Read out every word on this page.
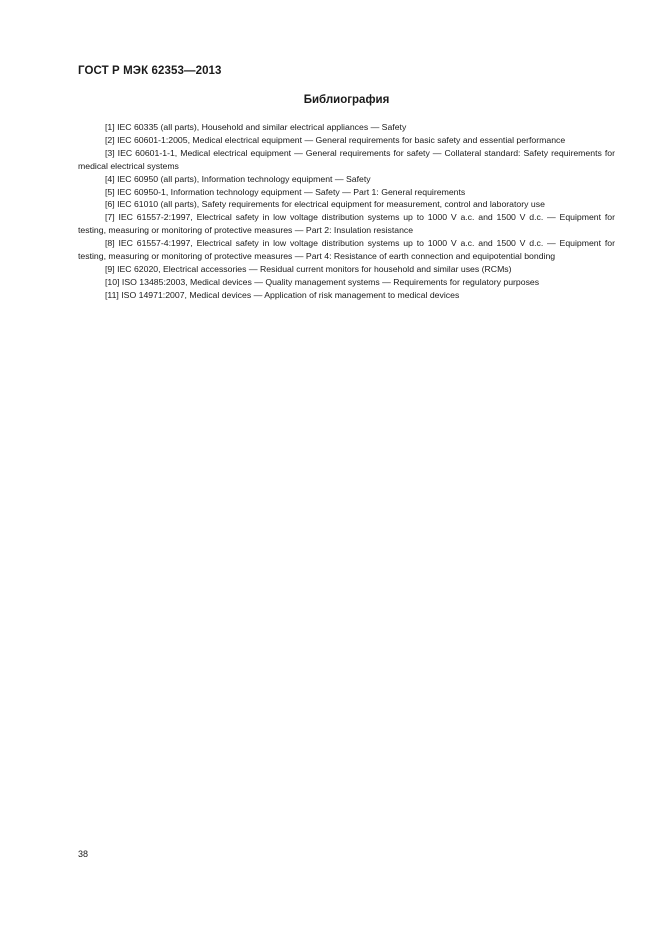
ГОСТ Р МЭК 62353—2013
Библиография
[1] IEC 60335 (all parts), Household and similar electrical appliances — Safety
[2] IEC 60601-1:2005, Medical electrical equipment — General requirements for basic safety and essential performance
[3] IEC 60601-1-1, Medical electrical equipment — General requirements for safety — Collateral standard: Safety requirements for medical electrical systems
[4] IEC 60950 (all parts), Information technology equipment — Safety
[5] IEC 60950-1, Information technology equipment — Safety — Part 1: General requirements
[6] IEC 61010 (all parts), Safety requirements for electrical equipment for measurement, control and laboratory use
[7] IEC 61557-2:1997, Electrical safety in low voltage distribution systems up to 1000 V a.c. and 1500 V d.c. — Equipment for testing, measuring or monitoring of protective measures — Part 2: Insulation resistance
[8] IEC 61557-4:1997, Electrical safety in low voltage distribution systems up to 1000 V a.c. and 1500 V d.c. — Equipment for testing, measuring or monitoring of protective measures — Part 4: Resistance of earth connection and equipotential bonding
[9] IEC 62020, Electrical accessories — Residual current monitors for household and similar uses (RCMs)
[10] ISO 13485:2003, Medical devices — Quality management systems — Requirements for regulatory purposes
[11] ISO 14971:2007, Medical devices — Application of risk management to medical devices
38
